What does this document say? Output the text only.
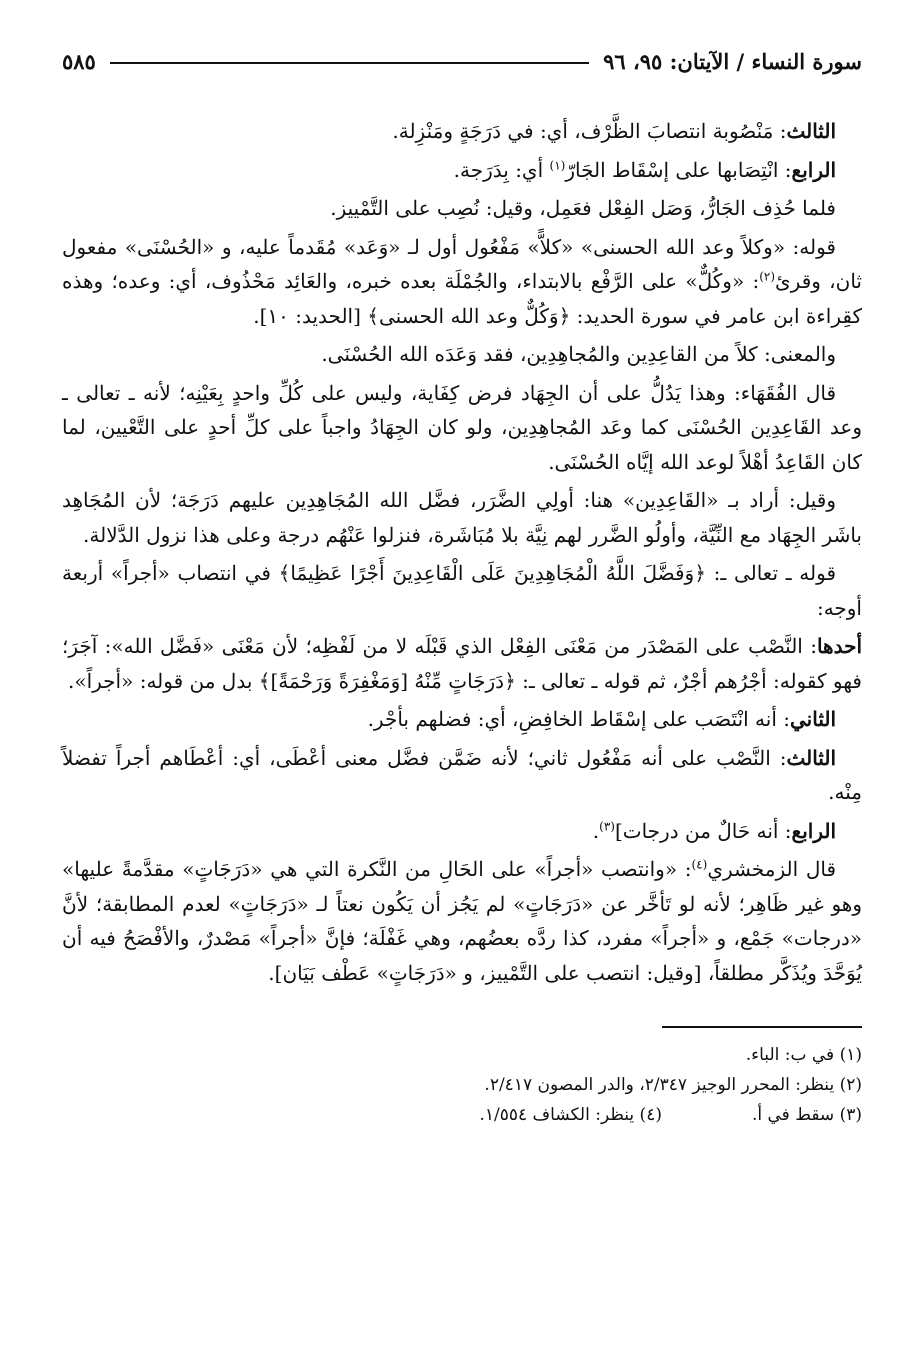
سورة النساء / الآيتان: ٩٥، ٩٦
٥٨٥

الثالث: مَنْصُوبة انتصابَ الظَّرْف، أي: في دَرَجَةٍ ومَنْزِلة.

الرابع: انْتِصَابها على إسْقَاط الجَارّ$^{(١)}$ أي: بِدَرَجة.

فلما حُذِف الجَارُّ، وَصَل الفِعْل فعَمِل، وقيل: نُصِب على التَّمْييز.

قوله: «وكلاً وعد الله الحسنى» «كلاًّ» مَفْعُول أول لـ «وَعَد» مُقَدماً عليه، و «الحُسْنَى» مفعول ثان، وقرئ$^{(٢)}$: «وكُلٌّ» على الرَّفْع بالابتداء، والجُمْلَة بعده خبره، والعَائِد مَحْذُوف، أي: وعده؛ وهذه كقِراءة ابن عامر في سورة الحديد: ﴿وَكُلٌّ وعد الله الحسنى﴾ [الحديد: ١٠].

والمعنى: كلاً من القاعِدِين والمُجاهِدِين، فقد وَعَدَه الله الحُسْنَى.

قال الفُقَهَاء: وهذا يَدُلُّ على أن الجِهَاد فرض كِفَاية، وليس على كُلِّ واحدٍ بِعَيْنِه؛ لأنه ـ تعالى ـ وعد القَاعِدِين الحُسْنَى كما وعَد المُجاهِدِين، ولو كان الجِهَادُ واجباً على كلِّ أحدٍ على التَّعْيين، لما كان القَاعِدُ أهْلاً لوعد الله إيَّاه الحُسْنَى.

وقيل: أراد بـ «القَاعِدِين» هنا: أولِي الضَّرَر، فضَّل الله المُجَاهِدِين عليهم دَرَجَة؛ لأن المُجَاهِد باشَر الجِهَاد مع النِّيَّة، وأولُو الضَّرر لهم نِيَّة بلا مُبَاشَرة، فنزلوا عَنْهُم درجة وعلى هذا نزول الدَّلالة.

قوله ـ تعالى ـ: ﴿وَفَضَّلَ اللَّهُ الْمُجَاهِدِينَ عَلَى الْقَاعِدِينَ أَجْرًا عَظِيمًا﴾ في انتصاب «أجراً» أربعة أوجه:

أحدها: النَّصْب على المَصْدَر من مَعْنَى الفِعْل الذي قَبْلَه لا من لَفْظِه؛ لأن مَعْنَى «فَضَّل الله»: آجَرَ؛ فهو كقوله: أجْرُهم أجْرٌ، ثم قوله ـ تعالى ـ: ﴿دَرَجَاتٍ مِّنْهُ [وَمَغْفِرَةً وَرَحْمَةً]﴾ بدل من قوله: «أجراً».

الثاني: أنه انْتَصَب على إسْقَاط الخافِضِ، أي: فضلهم بأجْر.

الثالث: النَّصْب على أنه مَفْعُول ثاني؛ لأنه ضَمَّن فضَّل معنى أعْطَى، أي: أعْطَاهم أجراً تفضلاً مِنْه.

الرابع: أنه حَالٌ من درجات]$^{(٣)}$.

قال الزمخشري$^{(٤)}$: «وانتصب «أجراً» على الحَالِ من النَّكرة التي هي «دَرَجَاتٍ» مقدَّمةً عليها» وهو غير ظَاهِر؛ لأنه لو تَأخَّر عن «دَرَجَاتٍ» لم يَجُز أن يَكُون نعتاً لـ «دَرَجَاتٍ» لعدم المطابقة؛ لأنَّ «درجات» جَمْع، و «أجراً» مفرد، كذا ردَّه بعضُهم، وهي غَفْلَة؛ فإنَّ «أجراً» مَصْدرٌ، والأفْصَحُ فيه أن يُوَحَّدَ ويُذَكَّر مطلقاً، [وقيل: انتصب على التَّمْييز، و «دَرَجَاتٍ» عَطْف بَيَان].

(١) في ب: الباء.
(٢) ينظر: المحرر الوجيز ٢/٣٤٧، والدر المصون ٢/٤١٧.
(٣) سقط في أ.
(٤) ينظر: الكشاف ١/٥٥٤.
